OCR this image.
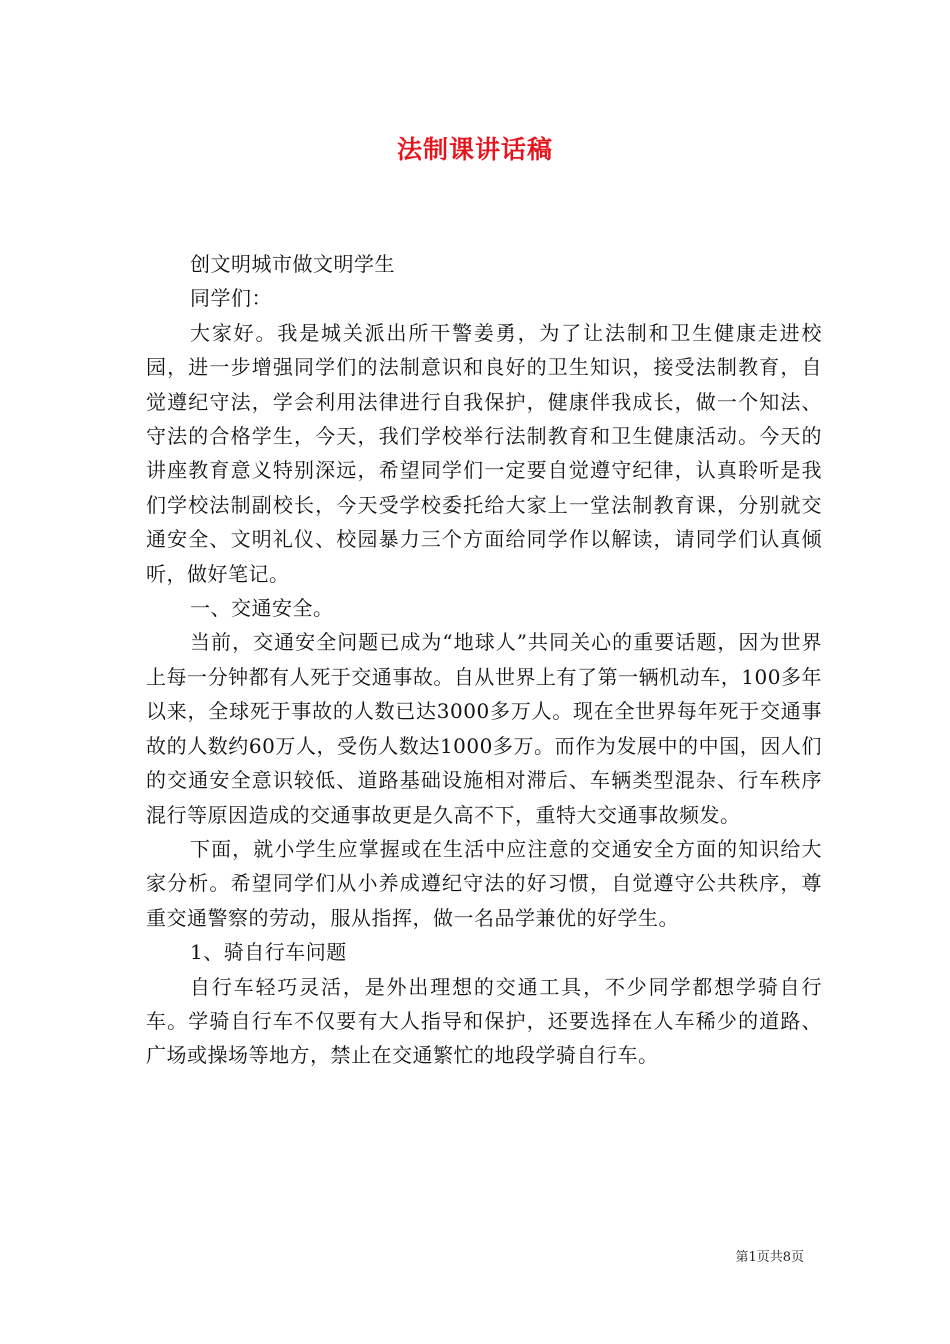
法制课讲话稿

创文明城市做文明学生

同学们：

大家好。我是城关派出所干警姜勇，为了让法制和卫生健康走进校园，进一步增强同学们的法制意识和良好的卫生知识，接受法制教育，自觉遵纪守法，学会利用法律进行自我保护，健康伴我成长，做一个知法、守法的合格学生，今天，我们学校举行法制教育和卫生健康活动。今天的讲座教育意义特别深远，希望同学们一定要自觉遵守纪律，认真聆听是我们学校法制副校长，今天受学校委托给大家上一堂法制教育课，分别就交通安全、文明礼仪、校园暴力三个方面给同学作以解读，请同学们认真倾听，做好笔记。

一、交通安全。

当前，交通安全问题已成为“地球人”共同关心的重要话题，因为世界上每一分钟都有人死于交通事故。自从世界上有了第一辆机动车，100多年以来，全球死于事故的人数已达3000多万人。现在全世界每年死于交通事故的人数约60万人，受伤人数达1000多万。而作为发展中的中国，因人们的交通安全意识较低、道路基础设施相对滞后、车辆类型混杂、行车秩序混行等原因造成的交通事故更是久高不下，重特大交通事故频发。

下面，就小学生应掌握或在生活中应注意的交通安全方面的知识给大家分析。希望同学们从小养成遵纪守法的好习惯，自觉遵守公共秩序，尊重交通警察的劳动，服从指挥，做一名品学兼优的好学生。

1、骑自行车问题

自行车轻巧灵活，是外出理想的交通工具，不少同学都想学骑自行车。学骑自行车不仅要有大人指导和保护，还要选择在人车稀少的道路、广场或操场等地方，禁止在交通繁忙的地段学骑自行车。

第1页共8页
